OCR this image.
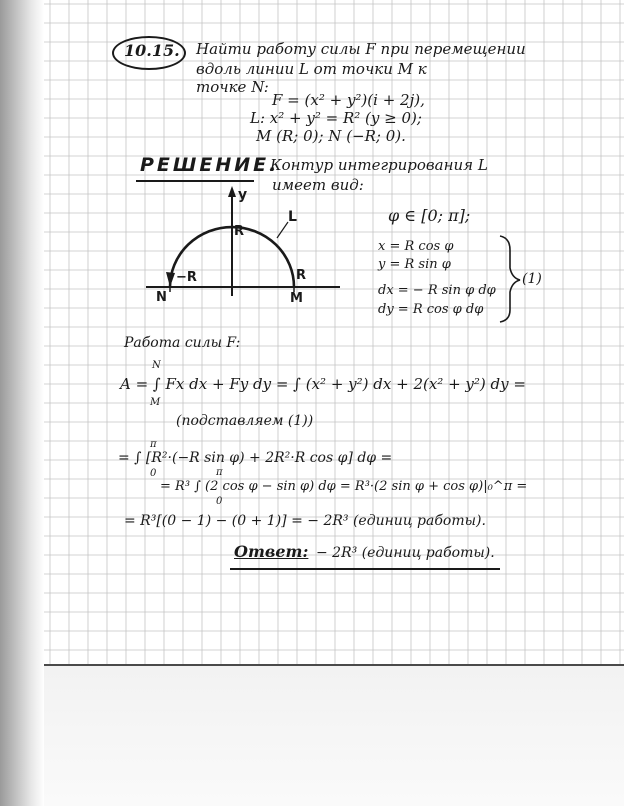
10.15. Найти работу силы F при перемещении
вдоль линии L от точки M к
точке N:
F = (x² + y²)(i + 2j),
L: x² + y² = R² (y ≥ 0);
M (R; 0); N (−R; 0).
РЕШЕНИЕ.
Контур интегрирования L
имеет вид:
y
L
R
−R	R
N	M
φ ∈ [0; π];
x = R cos φ
y = R sin φ
dx = − R sin φ dφ
dy = R cos φ dφ
(1)
Работа силы F:
N
A = ∫ Fx dx + Fy dy = ∫ (x² + y²) dx + 2(x² + y²) dy =
M
(подставляем (1))
π
= ∫ [R²·(−R sin φ) + 2R²·R cos φ] dφ =
0	π
= R³ ∫ (2 cos φ − sin φ) dφ = R³·(2 sin φ + cos φ)|₀^π =
0
= R³[(0 − 1) − (0 + 1)] = − 2R³ (единиц работы).
Ответ: − 2R³ (единиц работы).
